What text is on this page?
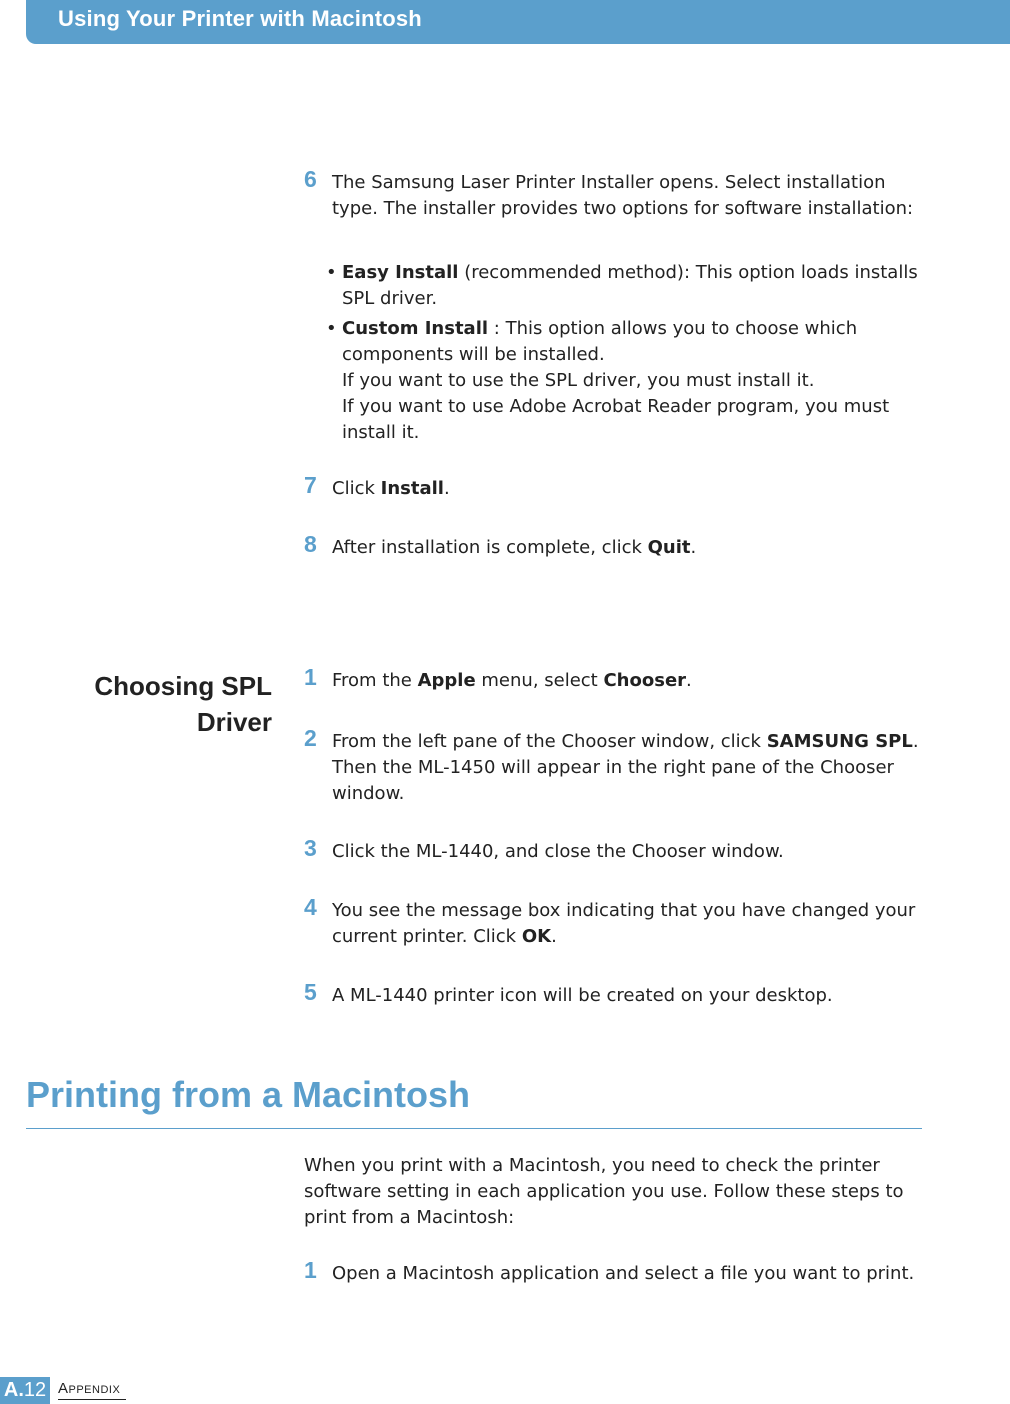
Using Your Printer with Macintosh
6 The Samsung Laser Printer Installer opens. Select installation type. The installer provides two options for software installation:
• Easy Install (recommended method): This option loads installs SPL driver.
• Custom Install : This option allows you to choose which components will be installed.
If you want to use the SPL driver, you must install it.
If you want to use Adobe Acrobat Reader program, you must install it.
7 Click Install.
8 After installation is complete, click Quit.
Choosing SPL
Driver
1 From the Apple menu, select Chooser.
2 From the left pane of the Chooser window, click SAMSUNG SPL. Then the ML-1450 will appear in the right pane of the Chooser window.
3 Click the ML-1440, and close the Chooser window.
4 You see the message box indicating that you have changed your current printer. Click OK.
5 A ML-1440 printer icon will be created on your desktop.
Printing from a Macintosh
When you print with a Macintosh, you need to check the printer software setting in each application you use. Follow these steps to print from a Macintosh:
1 Open a Macintosh application and select a file you want to print.
A.12 Appendix
